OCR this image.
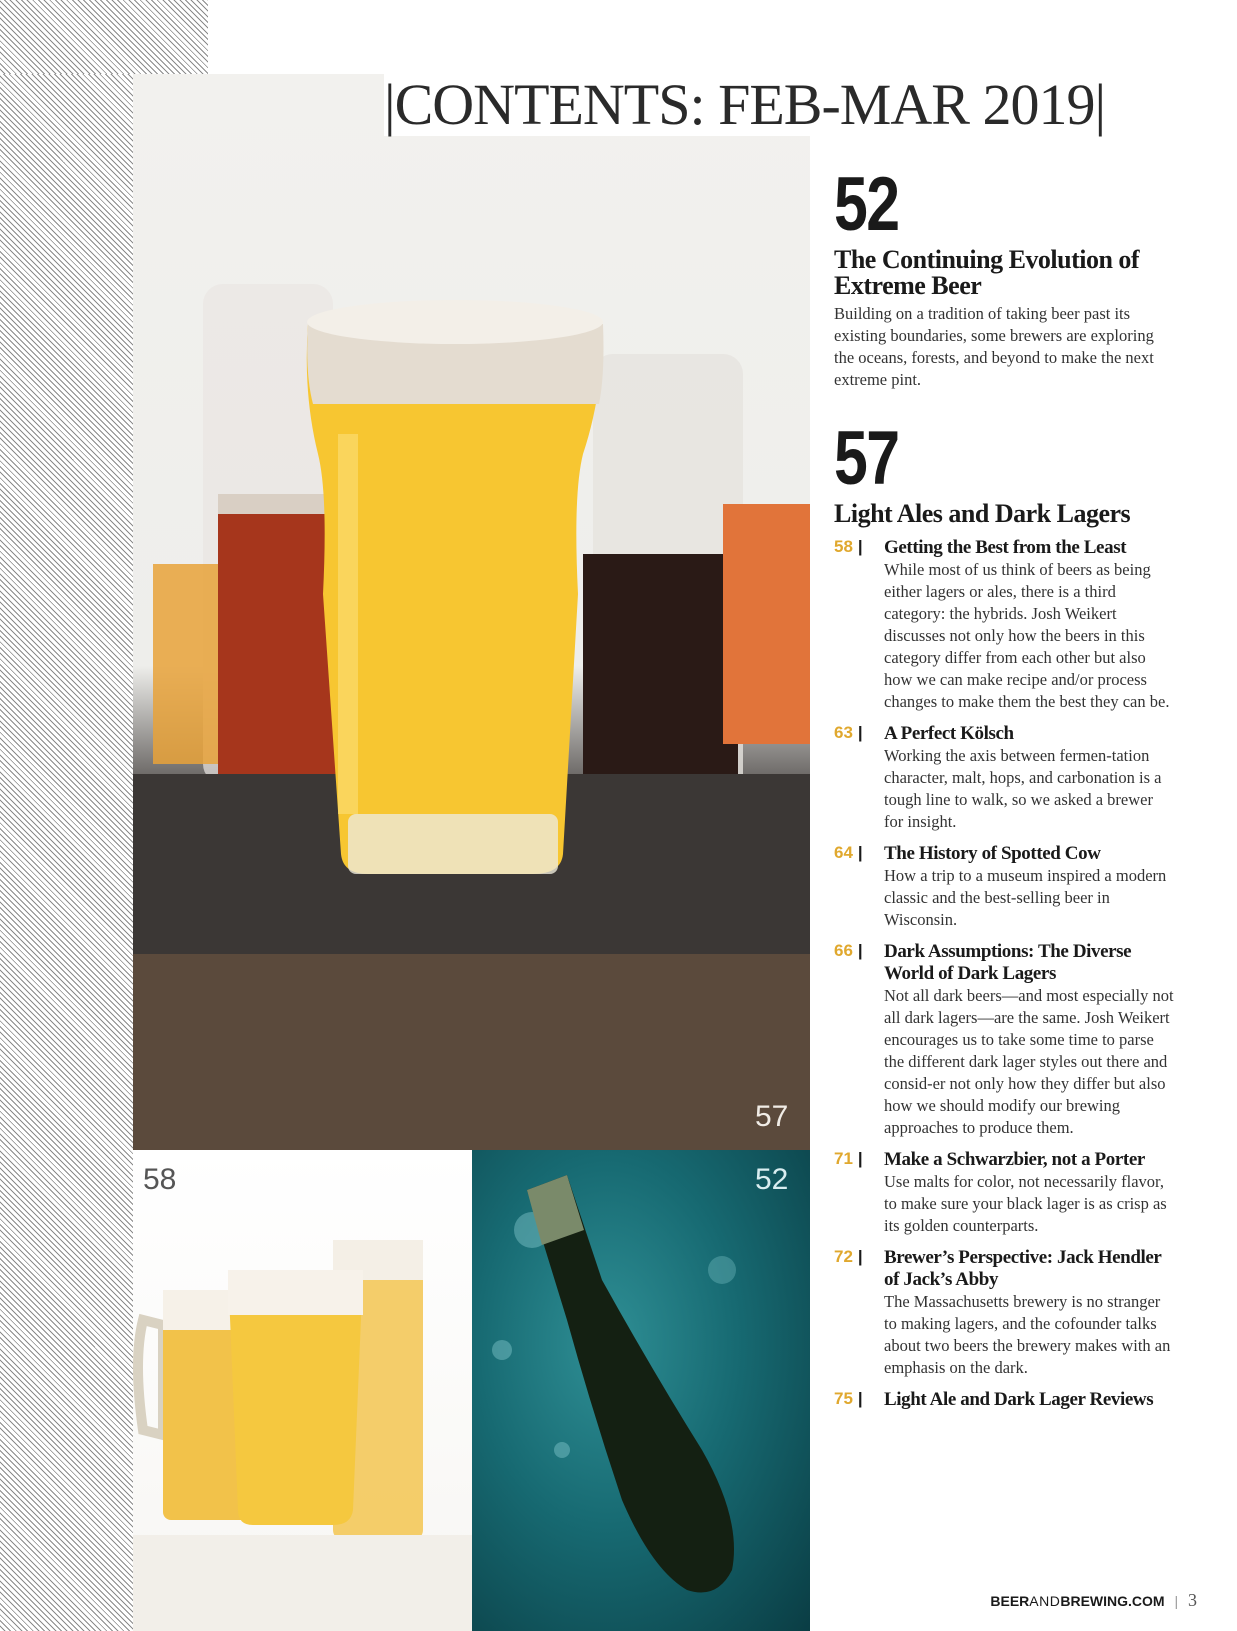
|CONTENTS: FEB-MAR 2019|
57
58	52
52
The Continuing Evolution of Extreme Beer
Building on a tradition of taking beer past its existing boundaries, some brewers are exploring the oceans, forests, and beyond to make the next extreme pint.
57
Light Ales and Dark Lagers
58 |	Getting the Best from the Least
While most of us think of beers as being either lagers or ales, there is a third category: the hybrids. Josh Weikert discusses not only how the beers in this category differ from each other but also how we can make recipe and/or process changes to make them the best they can be.
63 |	A Perfect Kölsch
Working the axis between fermen-tation character, malt, hops, and carbonation is a tough line to walk, so we asked a brewer for insight.
64 |	The History of Spotted Cow
How a trip to a museum inspired a modern classic and the best-selling beer in Wisconsin.
66 |	Dark Assumptions: The Diverse World of Dark Lagers
Not all dark beers—and most especially not all dark lagers—are the same. Josh Weikert encourages us to take some time to parse the different dark lager styles out there and consid-er not only how they differ but also how we should modify our brewing approaches to produce them.
71 |	Make a Schwarzbier, not a Porter
Use malts for color, not necessarily flavor, to make sure your black lager is as crisp as its golden counterparts.
72 |	Brewer’s Perspective: Jack Hendler of Jack’s Abby
The Massachusetts brewery is no stranger to making lagers, and the cofounder talks about two beers the brewery makes with an emphasis on the dark.
75 |	Light Ale and Dark Lager Reviews
BEERANDBREWING.COM | 3
